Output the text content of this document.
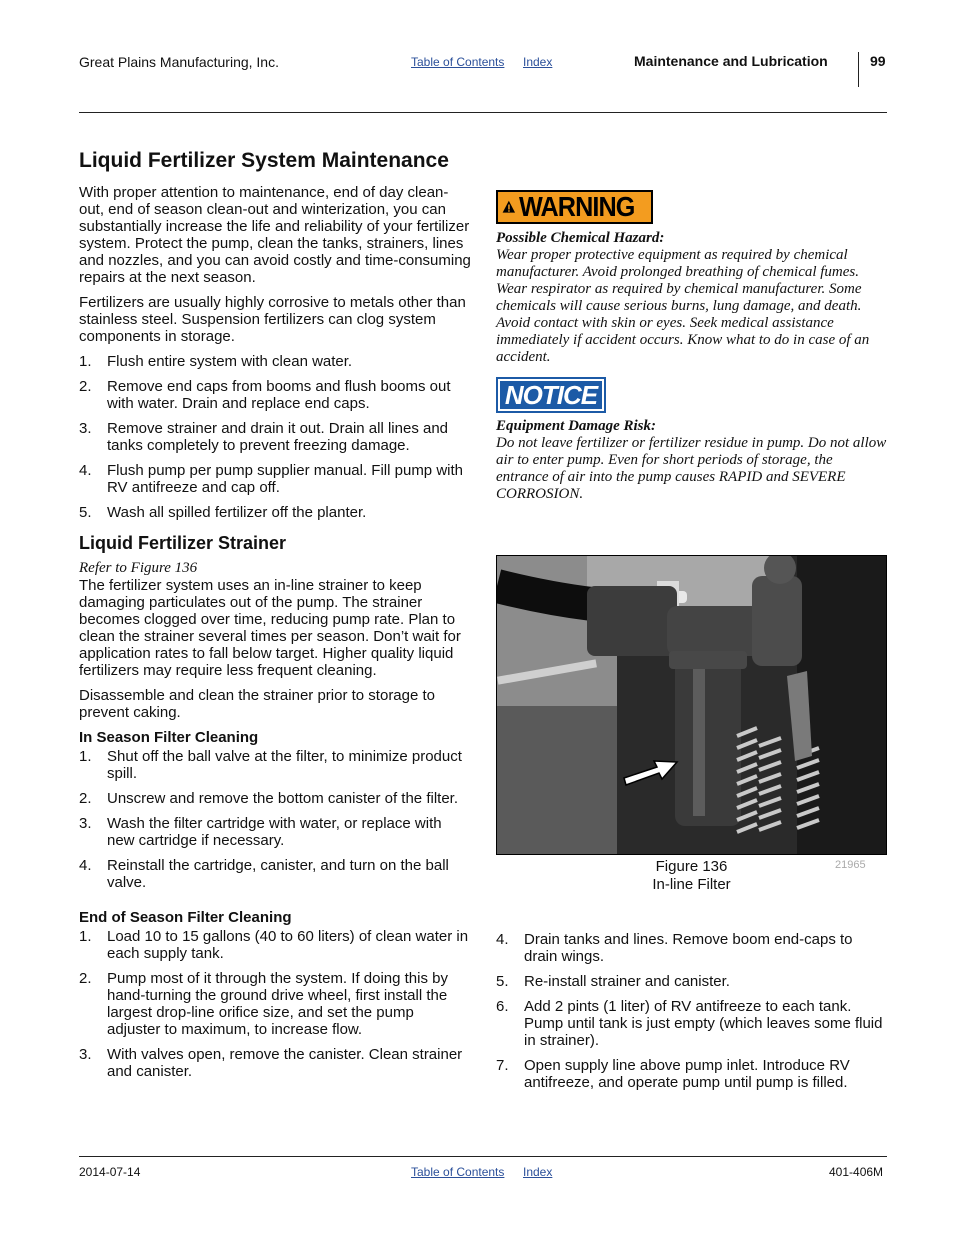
Great Plains Manufacturing, Inc.	Table of Contents Index	Maintenance and Lubrication	99
Liquid Fertilizer System Maintenance

With proper attention to maintenance, end of day clean-out, end of season clean-out and winterization, you can substantially increase the life and reliability of your fertilizer system. Protect the pump, clean the tanks, strainers, lines and nozzles, and you can avoid costly and time-consuming repairs at the next season.

Fertilizers are usually highly corrosive to metals other than stainless steel. Suspension fertilizers can clog system components in storage.

1. Flush entire system with clean water.
2. Remove end caps from booms and flush booms out with water. Drain and replace end caps.
3. Remove strainer and drain it out. Drain all lines and tanks completely to prevent freezing damage.
4. Flush pump per pump supplier manual. Fill pump with RV antifreeze and cap off.
5. Wash all spilled fertilizer off the planter.
Liquid Fertilizer Strainer
Refer to Figure 136

The fertilizer system uses an in-line strainer to keep damaging particulates out of the pump. The strainer becomes clogged over time, reducing pump rate. Plan to clean the strainer several times per season. Don’t wait for application rates to fall below target. Higher quality liquid fertilizers may require less frequent cleaning.

Disassemble and clean the strainer prior to storage to prevent caking.

In Season Filter Cleaning
1. Shut off the ball valve at the filter, to minimize product spill.
2. Unscrew and remove the bottom canister of the filter.
3. Wash the filter cartridge with water, or replace with new cartridge if necessary.
4. Reinstall the cartridge, canister, and turn on the ball valve.
End of Season Filter Cleaning
1. Load 10 to 15 gallons (40 to 60 liters) of clean water in each supply tank.
2. Pump most of it through the system. If doing this by hand-turning the ground drive wheel, first install the largest drop-line orifice size, and set the pump adjuster to maximum, to increase flow.
3. With valves open, remove the canister. Clean strainer and canister.
WARNING
Possible Chemical Hazard:
Wear proper protective equipment as required by chemical manufacturer. Avoid prolonged breathing of chemical fumes. Wear respirator as required by chemical manufacturer. Some chemicals will cause serious burns, lung damage, and death. Avoid contact with skin or eyes. Seek medical assistance immediately if accident occurs. Know what to do in case of an accident.
NOTICE
Equipment Damage Risk:
Do not leave fertilizer or fertilizer residue in pump. Do not allow air to enter pump. Even for short periods of storage, the entrance of air into the pump causes RAPID and SEVERE CORROSION.
Figure 136
In-line Filter
21965
4. Drain tanks and lines. Remove boom end-caps to drain wings.
5. Re-install strainer and canister.
6. Add 2 pints (1 liter) of RV antifreeze to each tank. Pump until tank is just empty (which leaves some fluid in strainer).
7. Open supply line above pump inlet. Introduce RV antifreeze, and operate pump until pump is filled.
2014-07-14	Table of Contents Index	401-406M
